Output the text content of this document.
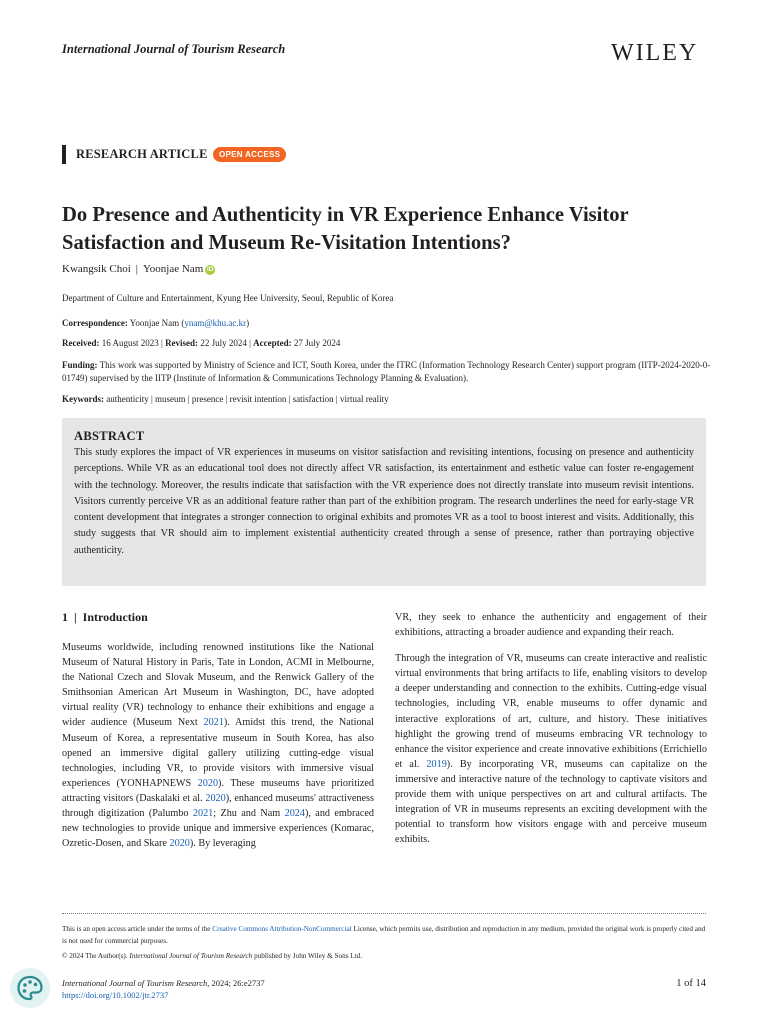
International Journal of Tourism Research	WILEY
RESEARCH ARTICLE	OPEN ACCESS
Do Presence and Authenticity in VR Experience Enhance Visitor Satisfaction and Museum Re-Visitation Intentions?
Kwangsik Choi | Yoonjae Nam iD
Department of Culture and Entertainment, Kyung Hee University, Seoul, Republic of Korea
Correspondence: Yoonjae Nam (ynam@khu.ac.kr)
Received: 16 August 2023 | Revised: 22 July 2024 | Accepted: 27 July 2024
Funding: This work was supported by Ministry of Science and ICT, South Korea, under the ITRC (Information Technology Research Center) support program (IITP-2024-2020-0-01749) supervised by the IITP (Institute of Information & Communications Technology Planning & Evaluation).
Keywords: authenticity | museum | presence | revisit intention | satisfaction | virtual reality
ABSTRACT

This study explores the impact of VR experiences in museums on visitor satisfaction and revisiting intentions, focusing on presence and authenticity perceptions. While VR as an educational tool does not directly affect VR satisfaction, its entertainment and esthetic value can foster re-engagement with the technology. Moreover, the results indicate that satisfaction with the VR experience does not directly translate into museum revisit intentions. Visitors currently perceive VR as an additional feature rather than part of the exhibition program. The research underlines the need for early-stage VR content development that integrates a stronger connection to original exhibits and promotes VR as a tool to boost interest and visits. Additionally, this study suggests that VR should aim to implement existential authenticity created through a sense of presence, rather than portraying objective authenticity.

1 | Introduction

Museums worldwide, including renowned institutions like the National Museum of Natural History in Paris, Tate in London, ACMI in Melbourne, the National Czech and Slovak Museum, and the Renwick Gallery of the Smithsonian American Art Museum in Washington, DC, have adopted virtual reality (VR) technology to enhance their exhibitions and engage a wider audience (Museum Next 2021). Amidst this trend, the National Museum of Korea, a representative museum in South Korea, has also opened an immersive digital gallery utilizing cutting-edge visual technologies, including VR, to provide visitors with immersive visual experiences (YONHAPNEWS 2020). These museums have prioritized attracting visitors (Daskalaki et al. 2020), enhanced museums' attractiveness through digitization (Palumbo 2021; Zhu and Nam 2024), and embraced new technologies to provide unique and immersive experiences (Komarac, Ozretic-Dosen, and Skare 2020). By leveraging

VR, they seek to enhance the authenticity and engagement of their exhibitions, attracting a broader audience and expanding their reach.

Through the integration of VR, museums can create interactive and realistic virtual environments that bring artifacts to life, enabling visitors to develop a deeper understanding and connection to the exhibits. Cutting-edge visual technologies, including VR, enable museums to offer dynamic and interactive explorations of art, culture, and history. These initiatives highlight the growing trend of museums embracing VR technology to enhance the visitor experience and create innovative exhibitions (Errichiello et al. 2019). By incorporating VR, museums can capitalize on the immersive and interactive nature of the technology to captivate visitors and provide them with unique perspectives on art and cultural artifacts. The integration of VR in museums represents an exciting development with the potential to transform how visitors engage with and perceive museum exhibits.

This is an open access article under the terms of the Creative Commons Attribution-NonCommercial License, which permits use, distribution and reproduction in any medium, provided the original work is properly cited and is not used for commercial purposes.
© 2024 The Author(s). International Journal of Tourism Research published by John Wiley & Sons Ltd.
International Journal of Tourism Research, 2024; 26:e2737
https://doi.org/10.1002/jtr.2737
1 of 14
